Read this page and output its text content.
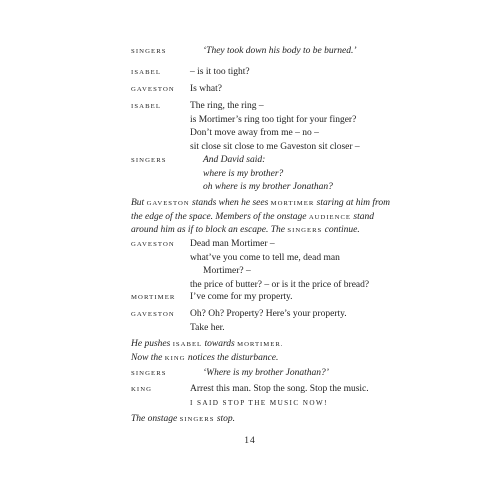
SINGERS	‘They took down his body to be burned.’
ISABEL	– is it too tight?
GAVESTON Is what?
ISABEL	The ring, the ring –
is Mortimer’s ring too tight for your finger?
Don’t move away from me – no –
sit close sit close to me Gaveston sit closer –
SINGERS	And David said:
where is my brother?
oh where is my brother Jonathan?
But GAVESTON stands when he sees MORTIMER staring at him from
the edge of the space. Members of the onstage AUDIENCE stand
around him as if to block an escape. The SINGERS continue.
GAVESTON Dead man Mortimer –
what’ve you come to tell me, dead man
Mortimer? –
the price of butter? – or is it the price of bread?
MORTIMER I’ve come for my property.
GAVESTON Oh? Oh? Property? Here’s your property.
Take her.
He pushes ISABEL towards MORTIMER.
Now the KING notices the disturbance.
SINGERS	‘Where is my brother Jonathan?’
KING	Arrest this man. Stop the song. Stop the music.
I SAID STOP THE MUSIC NOW!
The onstage SINGERS stop.
14
